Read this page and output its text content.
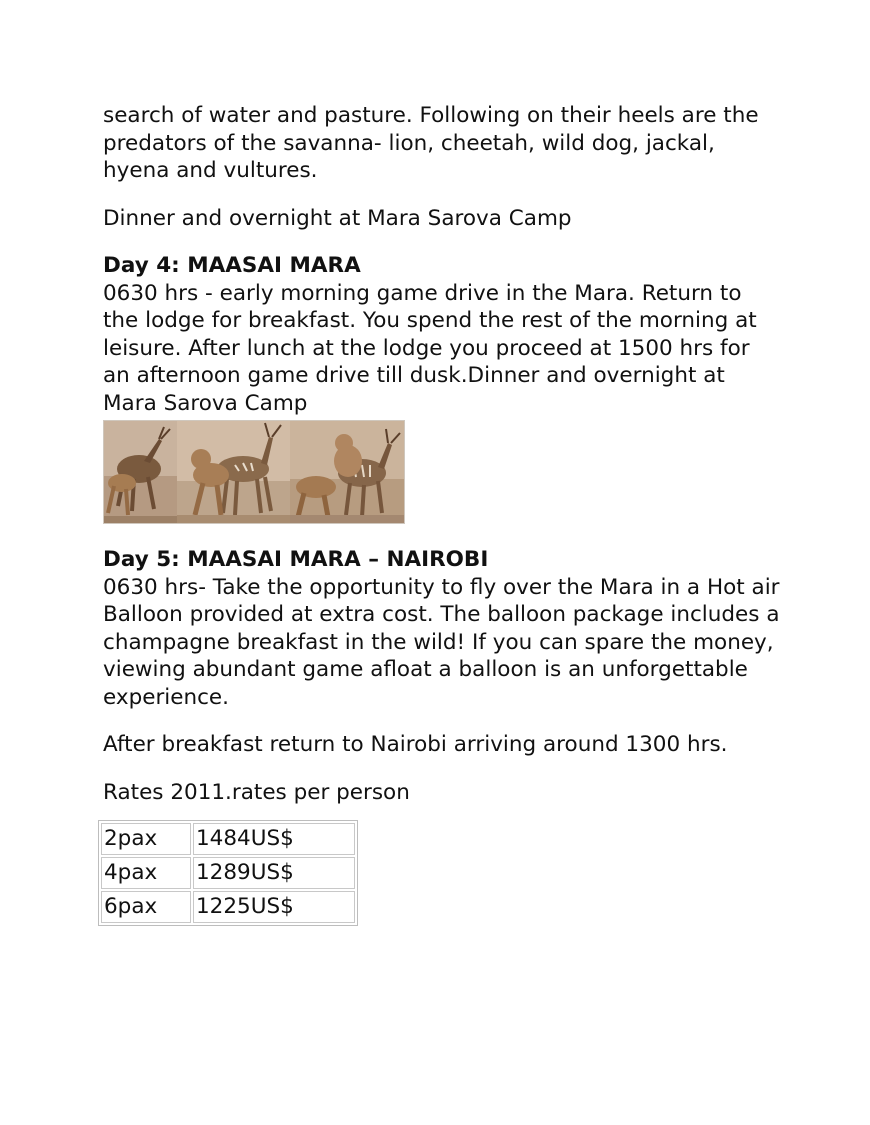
search of water and pasture. Following on their heels are the predators of the savanna- lion, cheetah, wild dog, jackal, hyena and vultures.

Dinner and overnight at Mara Sarova Camp

Day 4: MAASAI MARA

0630 hrs - early morning game drive in the Mara. Return to the lodge for breakfast. You spend the rest of the morning at leisure. After lunch at the lodge you proceed at 1500 hrs for an afternoon game drive till dusk.Dinner and overnight at Mara Sarova Camp

Day 5: MAASAI MARA – NAIROBI

0630 hrs- Take the opportunity to fly over the Mara in a Hot air Balloon provided at extra cost. The balloon package includes a champagne breakfast in the wild! If you can spare the money, viewing abundant game afloat a balloon is an unforgettable experience.

After breakfast return to Nairobi arriving around 1300 hrs.

Rates 2011.rates per person

2pax	1484US$
4pax	1289US$
6pax	1225US$
